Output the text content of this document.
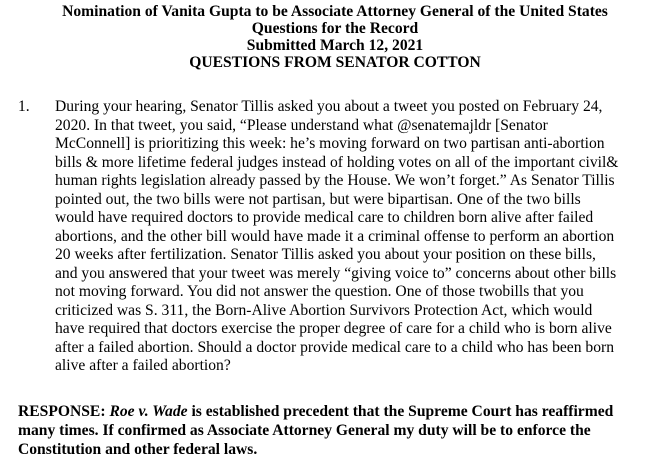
Nomination of Vanita Gupta to be Associate Attorney General of the United States
Questions for the Record
Submitted March 12, 2021
QUESTIONS FROM SENATOR COTTON
1. During your hearing, Senator Tillis asked you about a tweet you posted on February 24,
2020. In that tweet, you said, “Please understand what @senatemajldr [Senator
McConnell] is prioritizing this week: he’s moving forward on two partisan anti-abortion
bills & more lifetime federal judges instead of holding votes on all of the important civil&
human rights legislation already passed by the House. We won’t forget.” As Senator Tillis
pointed out, the two bills were not partisan, but were bipartisan. One of the two bills
would have required doctors to provide medical care to children born alive after failed
abortions, and the other bill would have made it a criminal offense to perform an abortion
20 weeks after fertilization. Senator Tillis asked you about your position on these bills,
and you answered that your tweet was merely “giving voice to” concerns about other bills
not moving forward. You did not answer the question. One of those twobills that you
criticized was S. 311, the Born-Alive Abortion Survivors Protection Act, which would
have required that doctors exercise the proper degree of care for a child who is born alive
after a failed abortion. Should a doctor provide medical care to a child who has been born
alive after a failed abortion?
RESPONSE: Roe v. Wade is established precedent that the Supreme Court has reaffirmed
many times. If confirmed as Associate Attorney General my duty will be to enforce the
Constitution and other federal laws.
